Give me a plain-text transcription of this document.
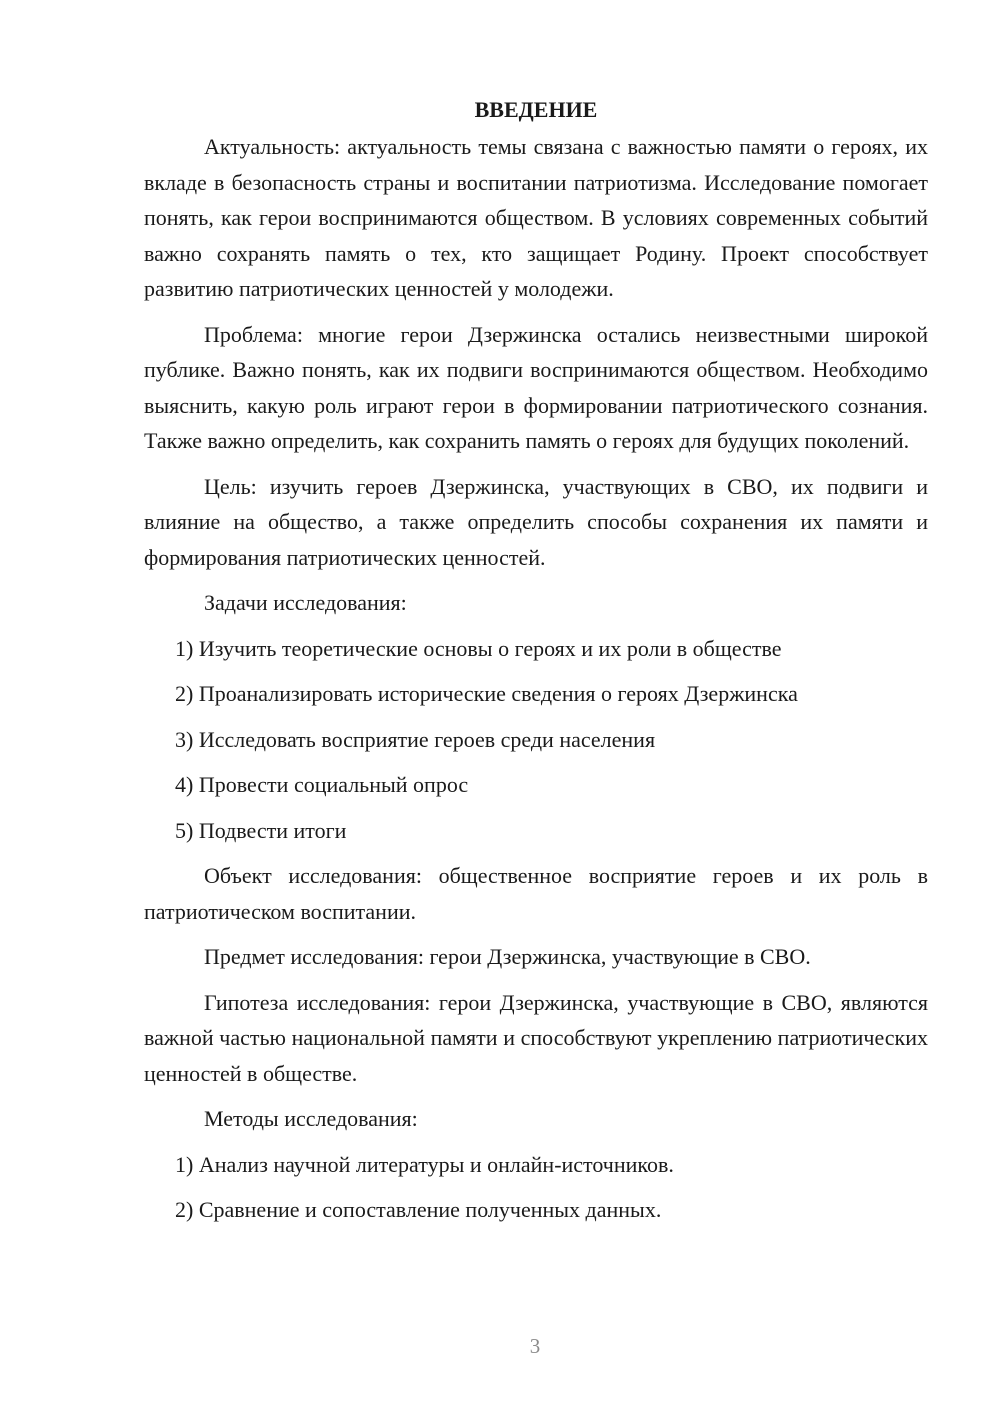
ВВЕДЕНИЕ

Актуальность: актуальность темы связана с важностью памяти о героях, их вкладе в безопасность страны и воспитании патриотизма. Исследование помогает понять, как герои воспринимаются обществом. В условиях современных событий важно сохранять память о тех, кто защищает Родину. Проект способствует развитию патриотических ценностей у молодежи.

Проблема: многие герои Дзержинска остались неизвестными широкой публике. Важно понять, как их подвиги воспринимаются обществом. Необходимо выяснить, какую роль играют герои в формировании патриотического сознания. Также важно определить, как сохранить память о героях для будущих поколений.

Цель: изучить героев Дзержинска, участвующих в СВО, их подвиги и влияние на общество, а также определить способы сохранения их памяти и формирования патриотических ценностей.

Задачи исследования:

1) Изучить теоретические основы о героях и их роли в обществе

2) Проанализировать исторические сведения о героях Дзержинска

3) Исследовать восприятие героев среди населения

4) Провести социальный опрос

5) Подвести итоги

Объект исследования: общественное восприятие героев и их роль в патриотическом воспитании.

Предмет исследования: герои Дзержинска, участвующие в СВО.

Гипотеза исследования: герои Дзержинска, участвующие в СВО, являются важной частью национальной памяти и способствуют укреплению патриотических ценностей в обществе.

Методы исследования:

1) Анализ научной литературы и онлайн-источников.

2) Сравнение и сопоставление полученных данных.

3
